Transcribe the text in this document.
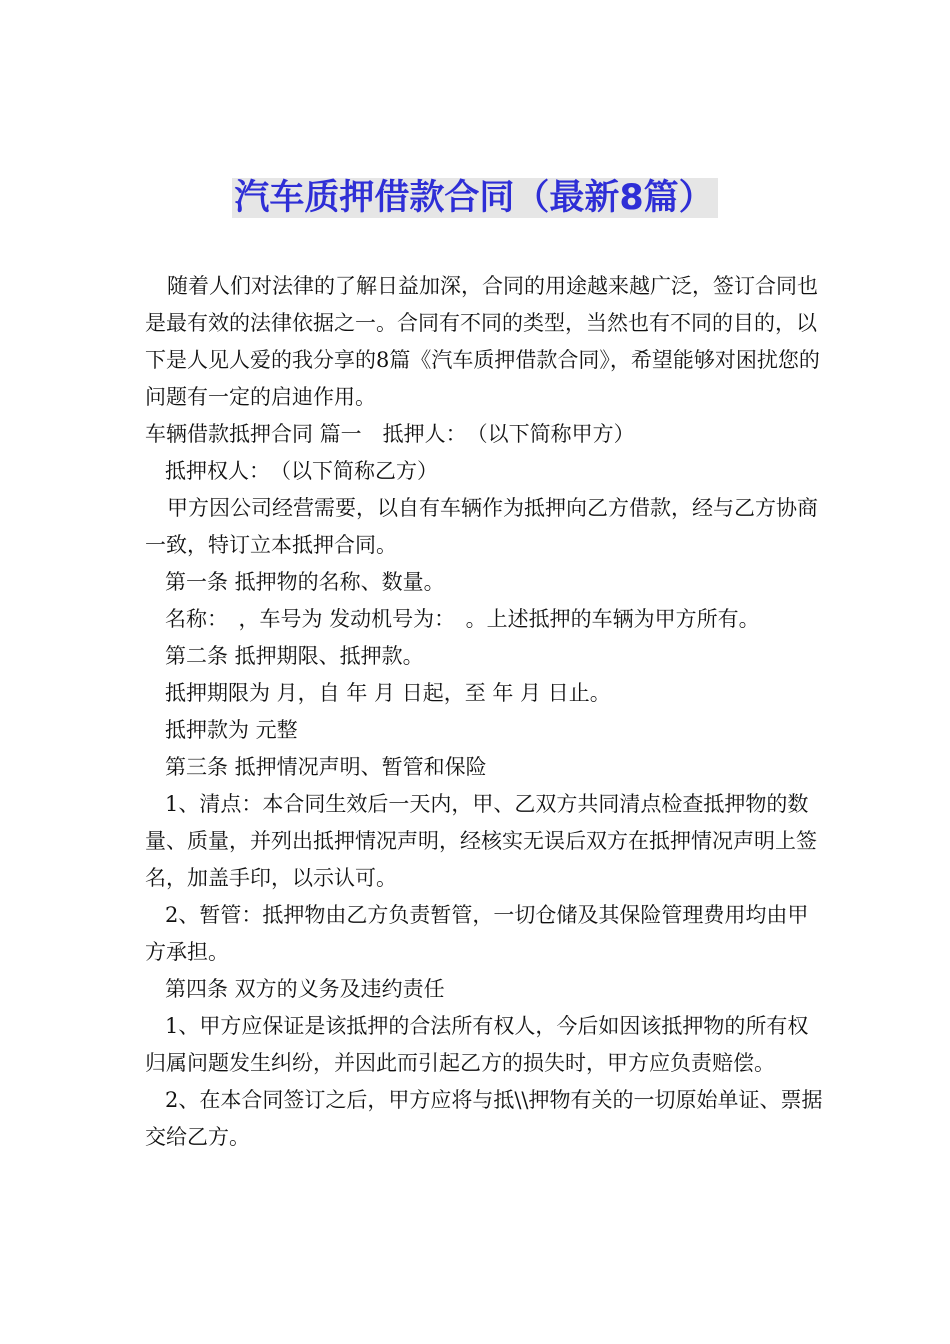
汽车质押借款合同（最新8篇）

随着人们对法律的了解日益加深，合同的用途越来越广泛，签订合同也是最有效的法律依据之一。合同有不同的类型，当然也有不同的目的，以下是人见人爱的我分享的8篇《汽车质押借款合同》，希望能够对困扰您的问题有一定的启迪作用。

车辆借款抵押合同 篇一　抵押人：　（以下简称甲方）

抵押权人：　（以下简称乙方）

甲方因公司经营需要，以自有车辆作为抵押向乙方借款，经与乙方协商一致，特订立本抵押合同。

第一条 抵押物的名称、数量。

名称：　，车号为 发动机号为：　。上述抵押的车辆为甲方所有。

第二条 抵押期限、抵押款。

抵押期限为 月，自 年 月 日起，至 年 月 日止。

抵押款为 元整

第三条 抵押情况声明、暂管和保险

1、清点：本合同生效后一天内，甲、乙双方共同清点检查抵押物的数量、质量，并列出抵押情况声明，经核实无误后双方在抵押情况声明上签名，加盖手印，以示认可。

2、暂管：抵押物由乙方负责暂管，一切仓储及其保险管理费用均由甲方承担。

第四条 双方的义务及违约责任

1、甲方应保证是该抵押的合法所有权人，今后如因该抵押物的所有权归属问题发生纠纷，并因此而引起乙方的损失时，甲方应负责赔偿。

2、在本合同签订之后，甲方应将与抵\\押物有关的一切原始单证、票据交给乙方。
